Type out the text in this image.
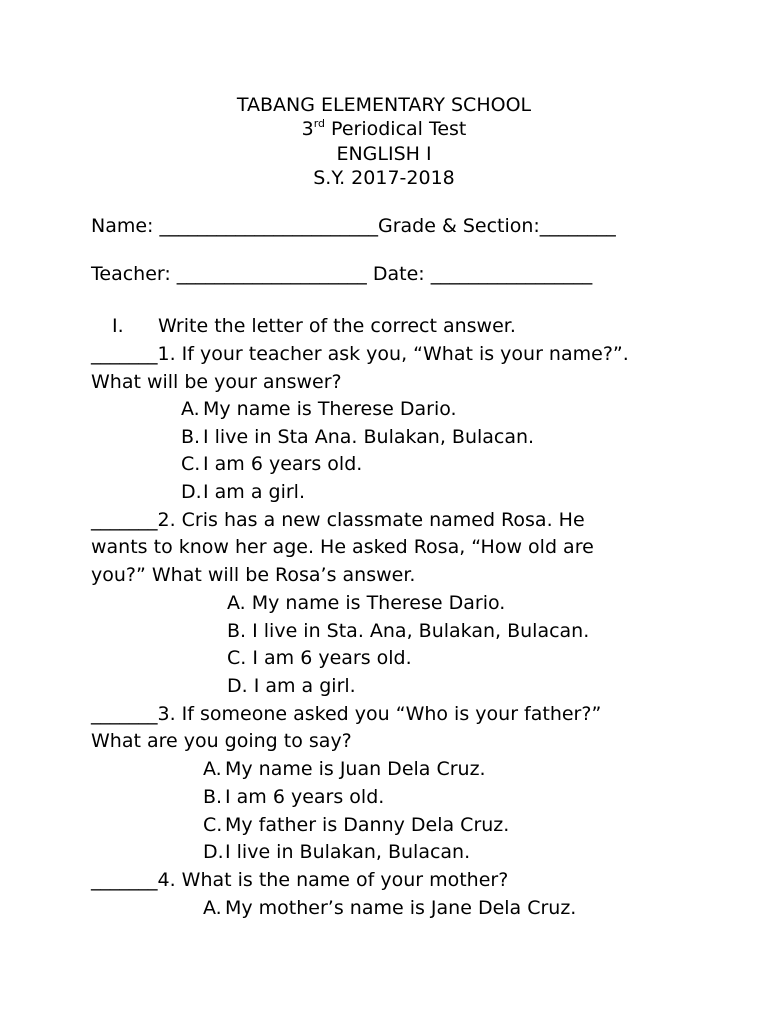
TABANG ELEMENTARY SCHOOL
3rd Periodical Test
ENGLISH I
S.Y. 2017-2018
Name: _______________________Grade & Section:________
Teacher: ____________________ Date: _________________
I. Write the letter of the correct answer.
_______1. If your teacher ask you, “What is your name?”.
What will be your answer?
A. My name is Therese Dario.
B. I live in Sta Ana. Bulakan, Bulacan.
C. I am 6 years old.
D.I am a girl.
_______2. Cris has a new classmate named Rosa. He
wants to know her age. He asked Rosa, “How old are
you?” What will be Rosa’s answer.
A. My name is Therese Dario.
B. I live in Sta. Ana, Bulakan, Bulacan.
C. I am 6 years old.
D. I am a girl.
_______3. If someone asked you “Who is your father?”
What are you going to say?
A. My name is Juan Dela Cruz.
B. I am 6 years old.
C. My father is Danny Dela Cruz.
D.I live in Bulakan, Bulacan.
_______4. What is the name of your mother?
A. My mother’s name is Jane Dela Cruz.
